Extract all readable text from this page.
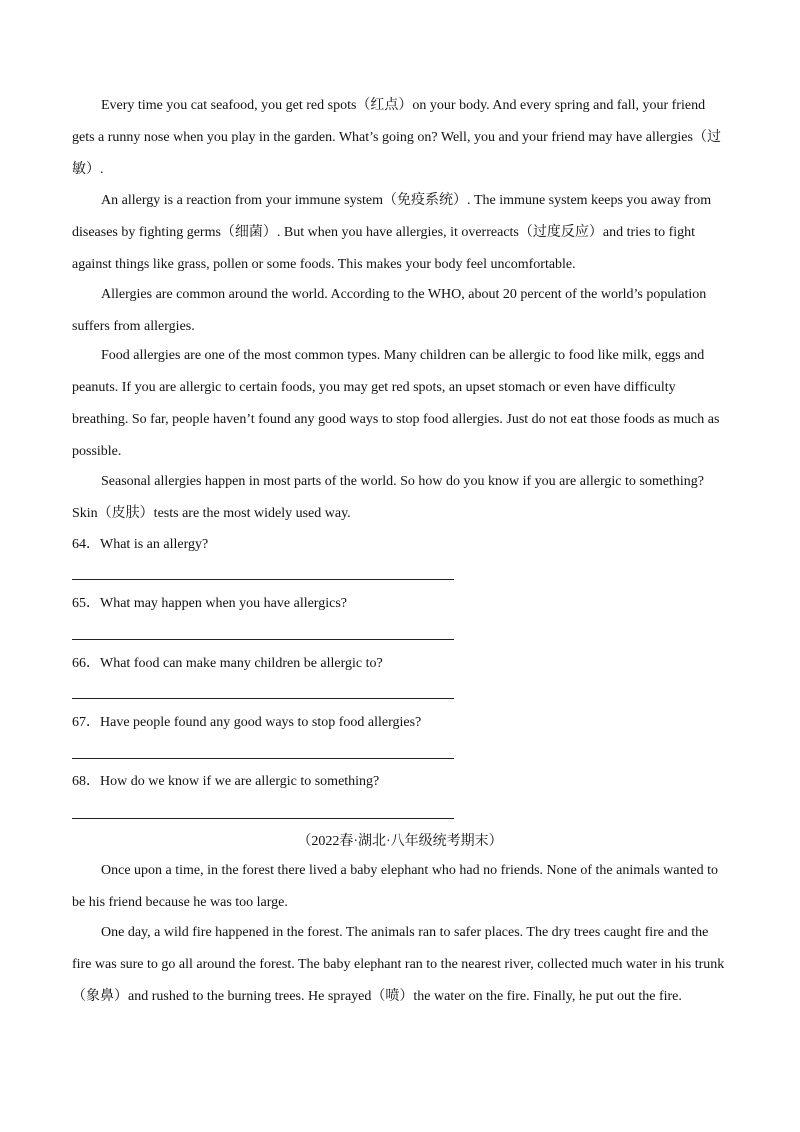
Every time you cat seafood, you get red spots（红点）on your body. And every spring and fall, your friend gets a runny nose when you play in the garden. What’s going on? Well, you and your friend may have allergies（过敏）.

An allergy is a reaction from your immune system（免疫系统）. The immune system keeps you away from diseases by fighting germs（细菌）. But when you have allergies, it overreacts（过度反应）and tries to fight against things like grass, pollen or some foods. This makes your body feel uncomfortable.

Allergies are common around the world. According to the WHO, about 20 percent of the world’s population suffers from allergies.

Food allergies are one of the most common types. Many children can be allergic to food like milk, eggs and peanuts. If you are allergic to certain foods, you may get red spots, an upset stomach or even have difficulty breathing. So far, people haven’t found any good ways to stop food allergies. Just do not eat those foods as much as possible.

Seasonal allergies happen in most parts of the world. So how do you know if you are allergic to something? Skin（皮肤）tests are the most widely used way.

64．What is an allergy?

65．What may happen when you have allergics?

66．What food can make many children be allergic to?

67．Have people found any good ways to stop food allergies?

68．How do we know if we are allergic to something?

（2022春·湖北·八年级统考期末）

Once upon a time, in the forest there lived a baby elephant who had no friends. None of the animals wanted to be his friend because he was too large.

One day, a wild fire happened in the forest. The animals ran to safer places. The dry trees caught fire and the fire was sure to go all around the forest. The baby elephant ran to the nearest river, collected much water in his trunk（象鼻）and rushed to the burning trees. He sprayed（喷）the water on the fire. Finally, he put out the fire.
